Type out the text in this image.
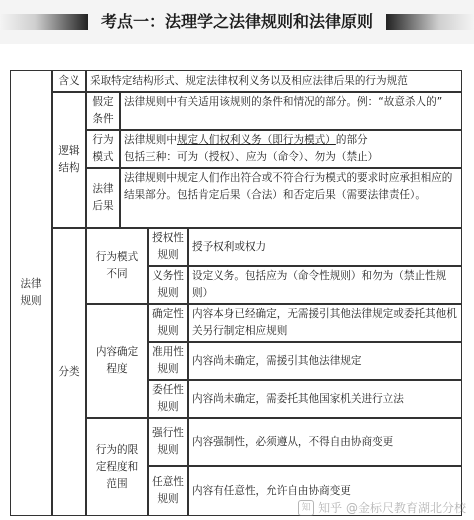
考点一：法理学之法律规则和法律原则
法律
规则
含义 采取特定结构形式、规定法律权利义务以及相应法律后果的行为规范
逻辑
结构
假定
条件
法律规则中有关适用该规则的条件和情况的部分。例：“故意杀人的”
行为
模式
法律规则中规定人们权利义务（即行为模式）的部分
包括三种：可为（授权）、应为（命令）、勿为（禁止）
法律
后果
法律规则中规定人们作出符合或不符合行为模式的要求时应承担相应的结果部分。包括肯定后果（合法）和否定后果（需要法律责任）。
分类
行为模式
不同
授权性
规则
授予权利或权力
义务性
规则
设定义务。包括应为（命令性规则）和勿为（禁止性规则）
内容确定
程度
确定性
规则
内容本身已经确定，无需援引其他法律规定或委托其他机关另行制定相应规则
准用性
规则
内容尚未确定，需援引其他法律规定
委任性
规则
内容尚未确定，需委托其他国家机关进行立法
行为的限
定程度和
范围
强行性
规则
内容强制性，必须遵从，不得自由协商变更
任意性
规则
内容有任意性，允许自由协商变更
知 知乎 @金标尺教育湖北分校
